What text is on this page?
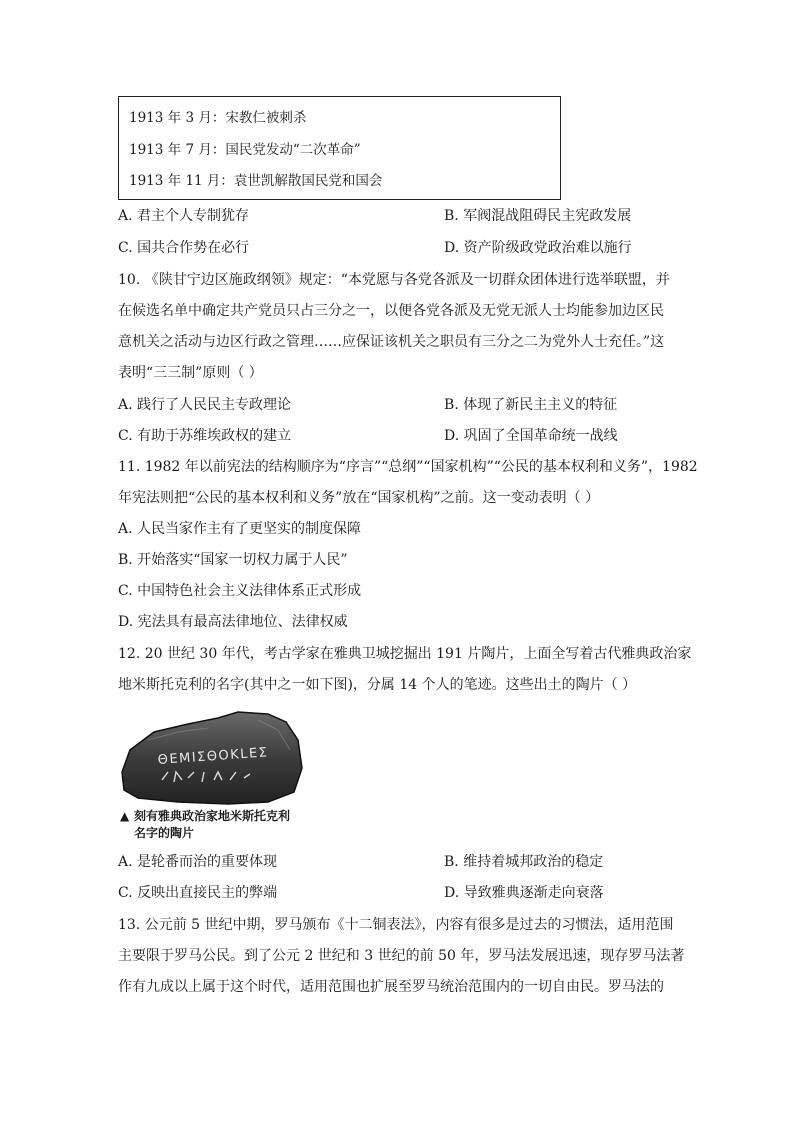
1913 年 3 月：宋教仁被刺杀
1913 年 7 月：国民党发动“二次革命”
1913 年 11 月：袁世凯解散国民党和国会
A. 君主个人专制犹存	B. 军阀混战阻碍民主宪政发展
C. 国共合作势在必行	D. 资产阶级政党政治难以施行
10. 《陕甘宁边区施政纲领》规定：“本党愿与各党各派及一切群众团体进行选举联盟，并
在候选名单中确定共产党员只占三分之一，以便各党各派及无党无派人士均能参加边区民
意机关之活动与边区行政之管理……应保证该机关之职员有三分之二为党外人士充任。”这
表明“三三制”原则（ ）
A. 践行了人民民主专政理论	B. 体现了新民主主义的特征
C. 有助于苏维埃政权的建立	D. 巩固了全国革命统一战线
11. 1982 年以前宪法的结构顺序为“序言”“总纲”“国家机构”“公民的基本权利和义务”，1982
年宪法则把“公民的基本权利和义务”放在“国家机构”之前。这一变动表明（ ）
A. 人民当家作主有了更坚实的制度保障
B. 开始落实“国家一切权力属于人民”
C. 中国特色社会主义法律体系正式形成
D. 宪法具有最高法律地位、法律权威
12. 20 世纪 30 年代，考古学家在雅典卫城挖掘出 191 片陶片，上面全写着古代雅典政治家
地米斯托克利的名字(其中之一如下图)，分属 14 个人的笔迹。这些出土的陶片（ ）
ΘEMIΣΘOKLEΣ
▲ 刻有雅典政治家地米斯托克利
名字的陶片
A. 是轮番而治的重要体现	B. 维持着城邦政治的稳定
C. 反映出直接民主的弊端	D. 导致雅典逐渐走向衰落
13. 公元前 5 世纪中期，罗马颁布《十二铜表法》，内容有很多是过去的习惯法，适用范围
主要限于罗马公民。到了公元 2 世纪和 3 世纪的前 50 年，罗马法发展迅速，现存罗马法著
作有九成以上属于这个时代，适用范围也扩展至罗马统治范围内的一切自由民。罗马法的
